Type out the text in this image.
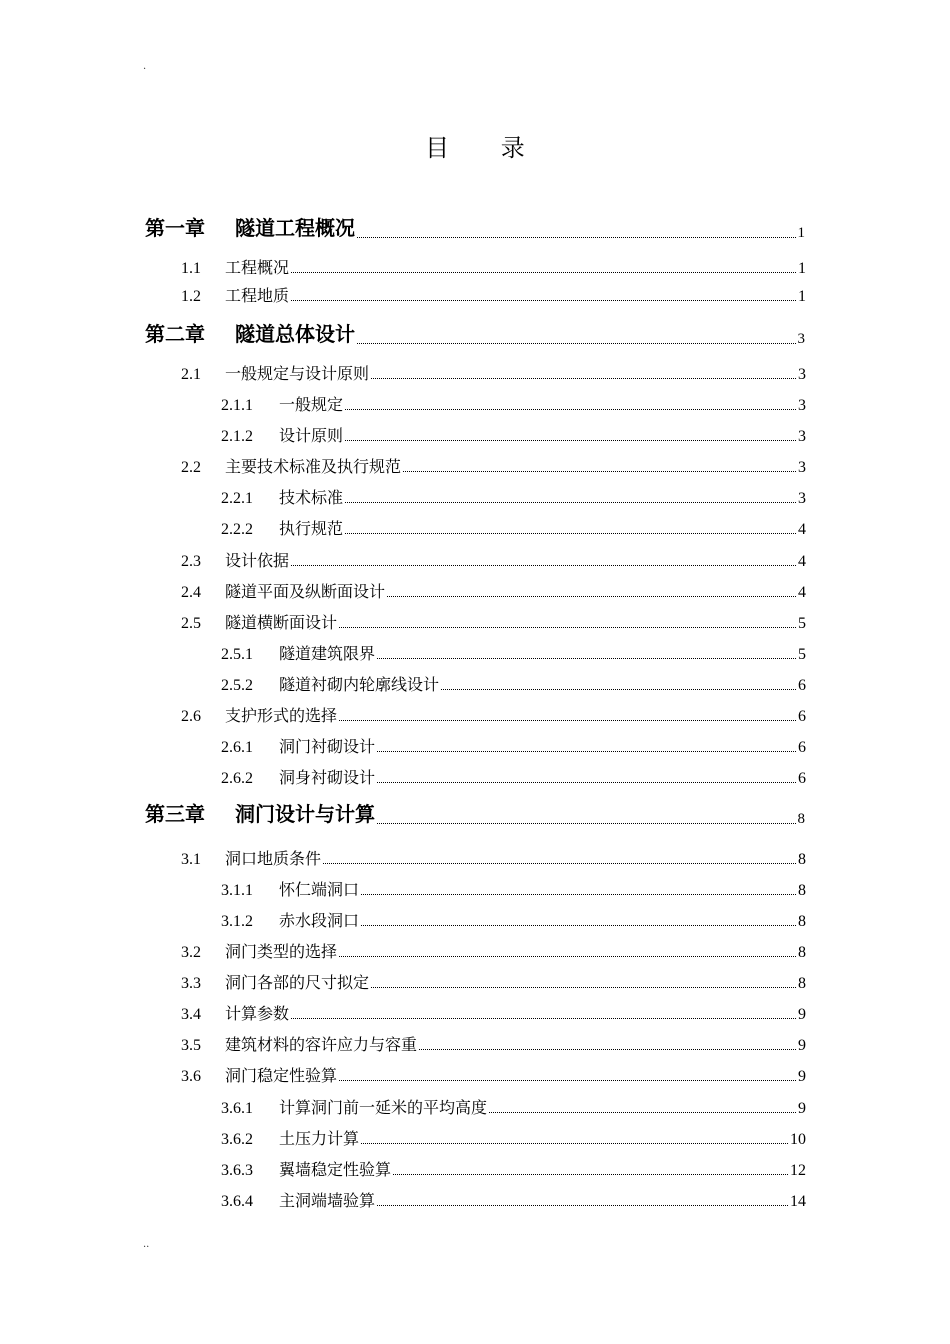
.
目 录
第一章	隧道工程概况	1
1.1	工程概况	1
1.2	工程地质	1
第二章	隧道总体设计	3
2.1	一般规定与设计原则	3
2.1.1	一般规定	3
2.1.2	设计原则	3
2.2	主要技术标准及执行规范	3
2.2.1	技术标准	3
2.2.2	执行规范	4
2.3	设计依据	4
2.4	隧道平面及纵断面设计	4
2.5	隧道横断面设计	5
2.5.1	隧道建筑限界	5
2.5.2	隧道衬砌内轮廓线设计	6
2.6	支护形式的选择	6
2.6.1	洞门衬砌设计	6
2.6.2	洞身衬砌设计	6
第三章	洞门设计与计算	8
3.1	洞口地质条件	8
3.1.1	怀仁端洞口	8
3.1.2	赤水段洞口	8
3.2	洞门类型的选择	8
3.3	洞门各部的尺寸拟定	8
3.4	计算参数	9
3.5	建筑材料的容许应力与容重	9
3.6	洞门稳定性验算	9
3.6.1	计算洞门前一延米的平均高度	9
3.6.2	土压力计算	10
3.6.3	翼墙稳定性验算	12
3.6.4	主洞端墙验算	14
..
